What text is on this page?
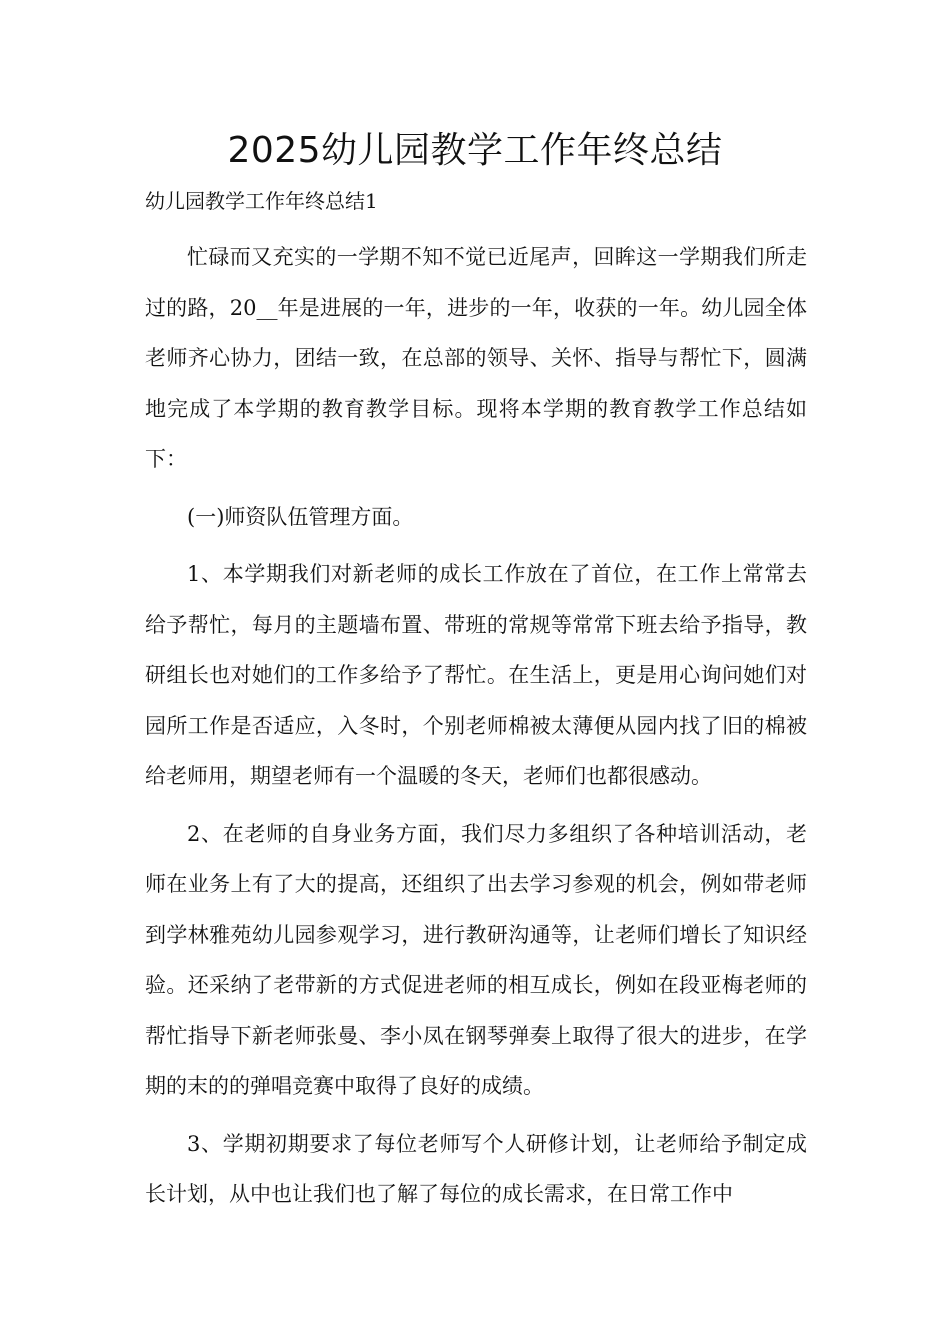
2025幼儿园教学工作年终总结

幼儿园教学工作年终总结1

忙碌而又充实的一学期不知不觉已近尾声，回眸这一学期我们所走过的路，20__年是进展的一年，进步的一年，收获的一年。幼儿园全体老师齐心协力，团结一致，在总部的领导、关怀、指导与帮忙下，圆满地完成了本学期的教育教学目标。现将本学期的教育教学工作总结如下：

(一)师资队伍管理方面。

1、本学期我们对新老师的成长工作放在了首位，在工作上常常去给予帮忙，每月的主题墙布置、带班的常规等常常下班去给予指导，教研组长也对她们的工作多给予了帮忙。在生活上，更是用心询问她们对园所工作是否适应，入冬时，个别老师棉被太薄便从园内找了旧的棉被给老师用，期望老师有一个温暖的冬天，老师们也都很感动。

2、在老师的自身业务方面，我们尽力多组织了各种培训活动，老师在业务上有了大的提高，还组织了出去学习参观的机会，例如带老师到学林雅苑幼儿园参观学习，进行教研沟通等，让老师们增长了知识经验。还采纳了老带新的方式促进老师的相互成长，例如在段亚梅老师的帮忙指导下新老师张曼、李小凤在钢琴弹奏上取得了很大的进步，在学期的末的的弹唱竞赛中取得了良好的成绩。

3、学期初期要求了每位老师写个人研修计划，让老师给予制定成长计划，从中也让我们也了解了每位的成长需求，在日常工作中
